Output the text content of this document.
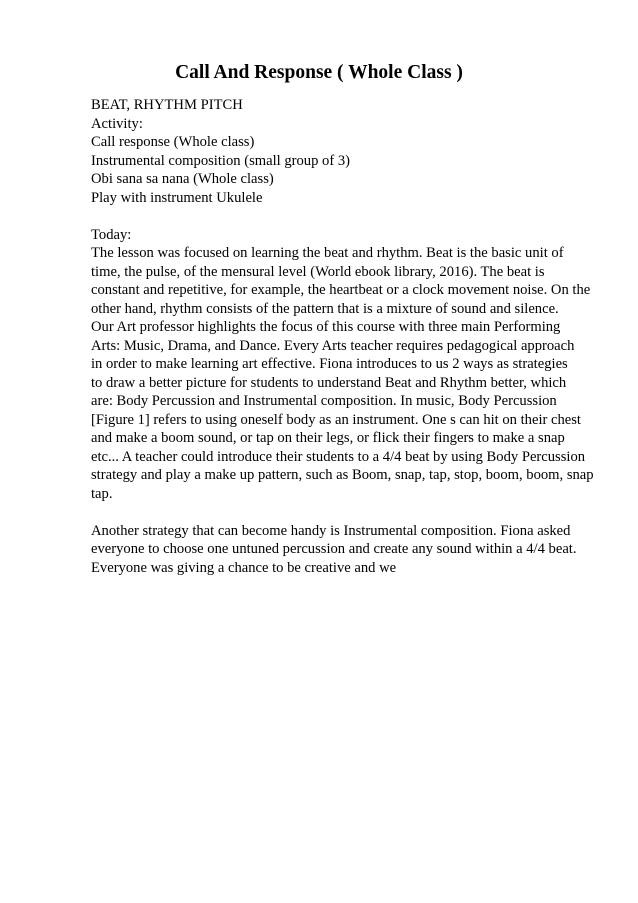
Call And Response ( Whole Class )
BEAT, RHYTHM PITCH
Activity:
Call response (Whole class)
Instrumental composition (small group of 3)
Obi sana sa nana (Whole class)
Play with instrument Ukulele
Today:
The lesson was focused on learning the beat and rhythm. Beat is the basic unit of
time, the pulse, of the mensural level (World ebook library, 2016). The beat is
constant and repetitive, for example, the heartbeat or a clock movement noise. On the
other hand, rhythm consists of the pattern that is a mixture of sound and silence.
Our Art professor highlights the focus of this course with three main Performing
Arts: Music, Drama, and Dance. Every Arts teacher requires pedagogical approach
in order to make learning art effective. Fiona introduces to us 2 ways as strategies
to draw a better picture for students to understand Beat and Rhythm better, which
are: Body Percussion and Instrumental composition. In music, Body Percussion
[Figure 1] refers to using oneself body as an instrument. One s can hit on their chest
and make a boom sound, or tap on their legs, or flick their fingers to make a snap
etc... A teacher could introduce their students to a 4/4 beat by using Body Percussion
strategy and play a make up pattern, such as Boom, snap, tap, stop, boom, boom, snap
tap.
Another strategy that can become handy is Instrumental composition. Fiona asked
everyone to choose one untuned percussion and create any sound within a 4/4 beat.
Everyone was giving a chance to be creative and we
